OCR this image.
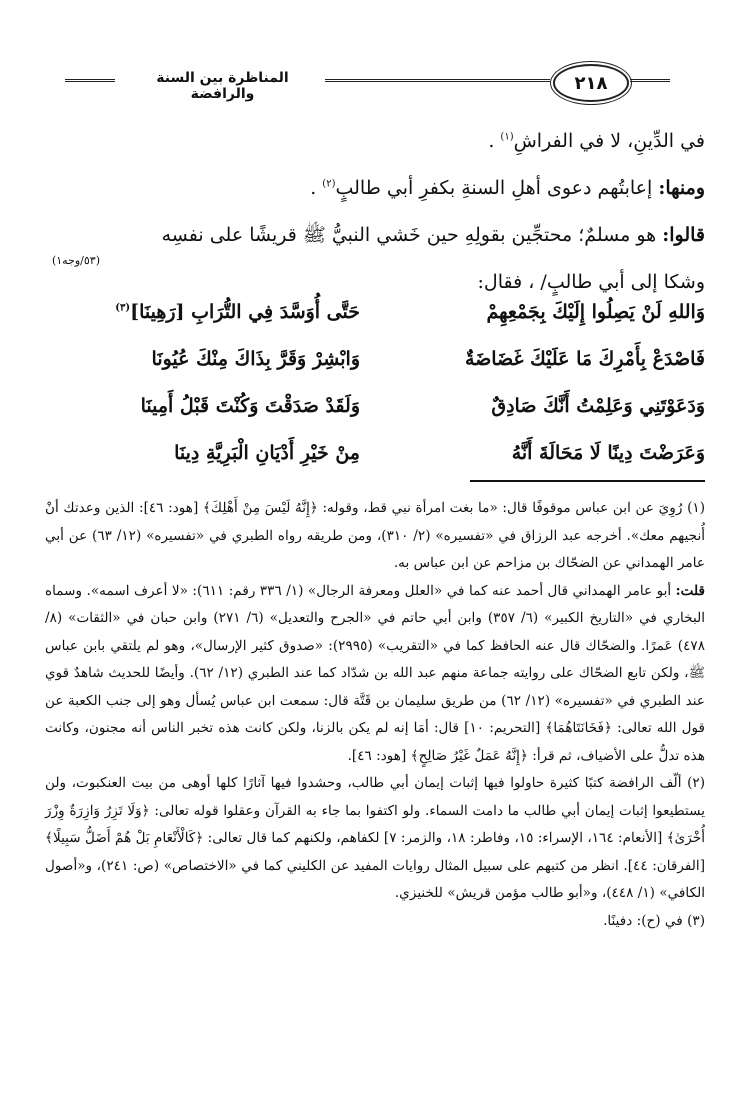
المناظرة بين السنة والرافضة
٢١٨

في الدِّينِ، لا في الفراشِ$^{(١)}$ .

ومنها: إعابتُهم دعوى أهلِ السنةِ بكفرِ أبي طالبٍ$^{(٢)}$ .

قالوا: هو مسلمٌ؛ محتجِّين بقولِهِ حين خَشي النبيُّ ﷺ قريشًا على نفسِه

وشكا إلى أبي طالبٍ/ ، فقال:

(٥٣/وجه١)
وَاللهِ لَنْ يَصِلُوا إِلَيْكَ بِجَمْعِهِمْ
حَتَّى أُوَسَّدَ فِي التُّرَابِ [رَهِينَا]$^{(٣)}$
فَاصْدَعْ بِأَمْرِكَ مَا عَلَيْكَ غَضَاضَةٌ
وَابْشِرْ وَقَرَّ بِذَاكَ مِنْكَ عُيُونَا
وَدَعَوْتَنِي وَعَلِمْتُ أَنَّكَ صَادِقٌ
وَلَقَدْ صَدَقْتَ وَكُنْتَ قَبْلُ أَمِينَا
وَعَرَضْتَ دِينًا لَا مَحَالَةَ أَنَّهُ
مِنْ خَيْرِ أَدْيَانِ الْبَرِيَّةِ دِينَا

(١) رُوِيَ عن ابن عباس موقوفًا قال: «ما بغت امرأة نبي قط، وقوله: ﴿إِنَّهُ لَيْسَ مِنْ أَهْلِكَ﴾ [هود: ٤٦]: الذين وعدتك أنْ أُنجيهم معك». أخرجه عبد الرزاق في «تفسيره» (٢/ ٣١٠)، ومن طريقه رواه الطبري في «تفسيره» (١٢/ ٦٣) عن أبي عامر الهمداني عن الضحّاك بن مزاحم عن ابن عباس به.

قلت: أبو عامر الهمداني قال أحمد عنه كما في «العلل ومعرفة الرجال» (١/ ٣٣٦ رقم: ٦١١): «لا أعرف اسمه». وسماه البخاري في «التاريخ الكبير» (٦/ ٣٥٧) وابن أبي حاتم في «الجرح والتعديل» (٦/ ٢٧١) وابن حبان في «الثقات» (٨/ ٤٧٨) عَمرًا. والضحّاك قال عنه الحافظ كما في «التقريب» (٢٩٩٥): «صدوق كثير الإرسال»، وهو لم يلتقي بابن عباس ﷺ، ولكن تابع الضحّاك على روايته جماعة منهم عبد الله بن شدّاد كما عند الطبري (١٢/ ٦٢). وأيضًا للحديث شاهدٌ قوي عند الطبري في «تفسيره» (١٢/ ٦٢) من طريق سليمان بن قَتَّة قال: سمعت ابن عباس يُسأل وهو إلى جنب الكعبة عن قول الله تعالى: ﴿فَخَانَتَاهُمَا﴾ [التحريم: ١٠] قال: أمَا إنه لم يكن بالزنا، ولكن كانت هذه تخبر الناس أنه مجنون، وكانت هذه تدلُّ على الأضياف، ثم قرأ: ﴿إِنَّهُ عَمَلٌ غَيْرُ صَالِحٍ﴾ [هود: ٤٦].

(٢) ألّف الرافضة كتبًا كثيرة حاولوا فيها إثبات إيمان أبي طالب، وحشدوا فيها آثارًا كلها أوهى من بيت العنكبوت، ولن يستطيعوا إثبات إيمان أبي طالب ما دامت السماء. ولو اكتفوا بما جاء به القرآن وعقلوا قوله تعالى: ﴿وَلَا تَزِرُ وَازِرَةٌ وِزْرَ أُخْرَىٰ﴾ [الأنعام: ١٦٤، الإسراء: ١٥، وفاطر: ١٨، والزمر: ٧] لكفاهم، ولكنهم كما قال تعالى: ﴿كَالْأَنْعَامِ بَلْ هُمْ أَضَلُّ سَبِيلًا﴾ [الفرقان: ٤٤]. انظر من كتبهم على سبيل المثال روايات المفيد عن الكليني كما في «الاختصاص» (ص: ٢٤١)، و«أصول الكافي» (١/ ٤٤٨)، و«أبو طالب مؤمن قريش» للخنيزي.

(٣) في (ح): دفينًا.
